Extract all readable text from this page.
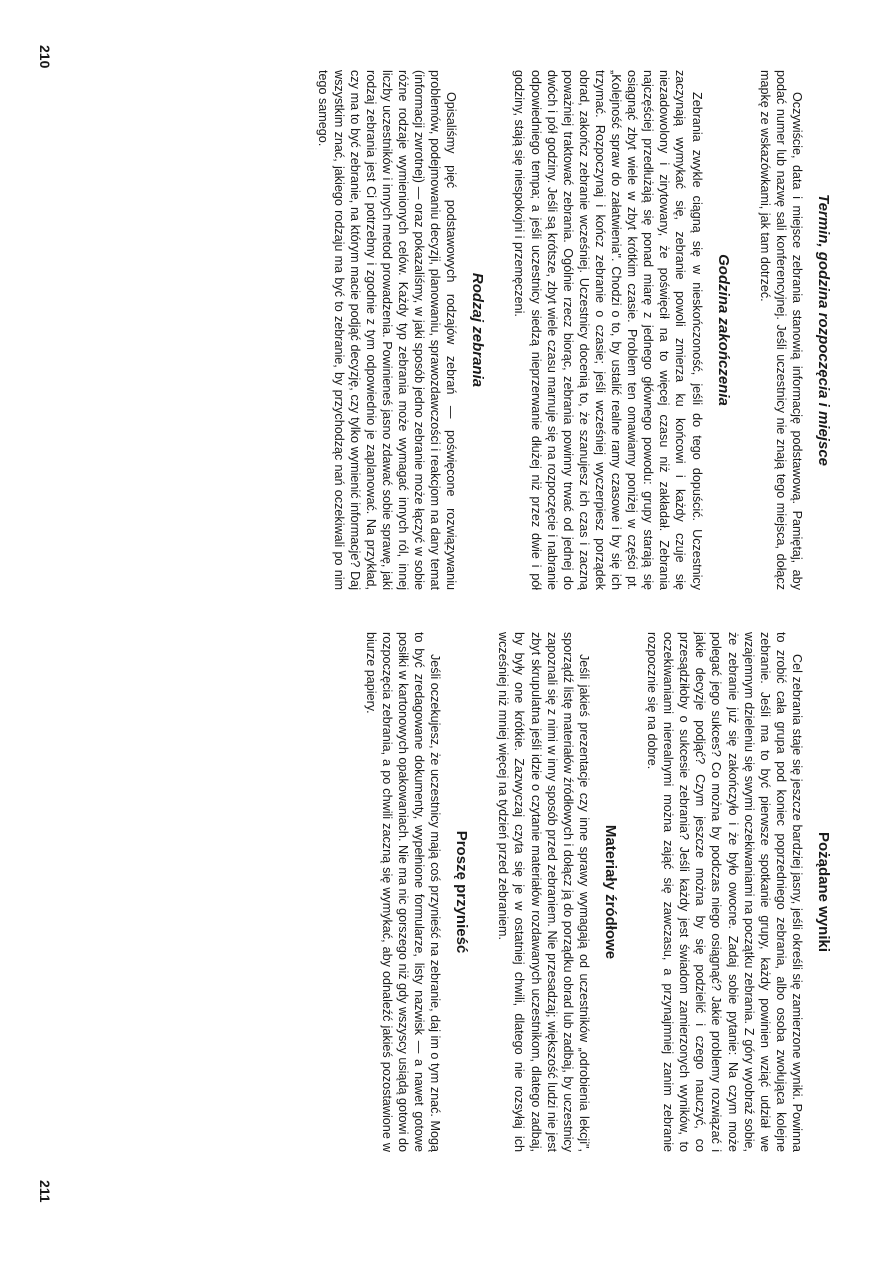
Termin, godzina rozpoczęcia i miejsce

Oczywiście, data i miejsce zebrania stanowią informację podstawową. Pamiętaj, aby podać numer lub nazwę sali konferencyjnej. Jeśli uczestnicy nie znają tego miejsca, dołącz mapkę ze wskazówkami, jak tam dotrzeć.

Godzina zakończenia

Zebrania zwykle ciągną się w nieskończoność, jeśli do tego dopuścić. Uczestnicy zaczynają wymykać się, zebranie powoli zmierza ku końcowi i każdy czuje się niezadowolony i zirytowany, że poświęcił na to więcej czasu niż zakładał. Zebrania najczęściej przedłużają się ponad miarę z jednego głównego powodu: grupy starają się osiągnąć zbyt wiele w zbyt krótkim czasie. Problem ten omawiamy poniżej w części pt. „Kolejność spraw do załatwienia". Chodzi o to, by ustalić realne ramy czasowe i by się ich trzymać. Rozpoczynaj i kończ zebranie o czasie; jeśli wcześniej wyczerpiesz porządek obrad, zakończ zebranie wcześniej. Uczestnicy docenią to, że szanujesz ich czas i zaczną poważniej traktować zebrania. Ogólnie rzecz biorąc, zebrania powinny trwać od jednej do dwóch i pół godziny. Jeśli są krótsze, zbyt wiele czasu marnuje się na rozpoczęcie i nabranie odpowiedniego tempa; a jeśli uczestnicy siedzą nieprzerwanie dłużej niż przez dwie i pół godziny, stają się niespokojni i przemęczeni.

Rodzaj zebrania

Opisaliśmy pięć podstawowych rodzajów zebrań — poświęcone rozwiązywaniu problemów, podejmowaniu decyzji, planowaniu, sprawozdawczości i reakcjom na dany temat (informacji zwrotnej) — oraz pokazaliśmy, w jaki sposób jedno zebranie może łączyć w sobie różne rodzaje wymienionych celów. Każdy typ zebrania może wymagać innych ról, innej liczby uczestników i innych metod prowadzenia. Powinieneś jasno zdawać sobie sprawę, jaki rodzaj zebrania jest Ci potrzebny i zgodnie z tym odpowiednio je zaplanować. Na przykład, czy ma to być zebranie, na którym macie podjąć decyzję, czy tylko wymienić informacje? Daj wszystkim znać, jakiego rodzaju ma być to zebranie, by przychodząc nań oczekiwali po nim tego samego.

Pożądane wyniki

Cel zebrania staje się jeszcze bardziej jasny, jeśli określi się zamierzone wyniki. Powinna to zrobić cała grupa pod koniec poprzedniego zebrania, albo osoba zwołująca kolejne zebranie. Jeśli ma to być pierwsze spotkanie grupy, każdy powinien wziąć udział we wzajemnym dzieleniu się swymi oczekiwaniami na początku zebrania. Z góry wyobraź sobie, że zebranie już się zakończyło i że było owocne. Zadaj sobie pytanie: Na czym może polegać jego sukces? Co można by podczas niego osiągnąć? Jakie problemy rozwiązać i jakie decyzje podjąć? Czym jeszcze można by się podzielić i czego nauczyć, co przesądziłoby o sukcesie zebrania? Jeśli każdy jest świadom zamierzonych wyników, to oczekiwaniami nierealnymi można zająć się zawczasu, a przynajmniej zanim zebranie rozpocznie się na dobre.

Materiały źródłowe

Jeśli jakieś prezentacje czy inne sprawy wymagają od uczestników „odrobienia lekcji", sporządź listę materiałów źródłowych i dołącz ją do porządku obrad lub zadbaj, by uczestnicy zapoznali się z nimi w inny sposób przed zebraniem. Nie przesadzaj; większość ludzi nie jest zbyt skrupulatna jeśli idzie o czytanie materiałów rozdawanych uczestnikom, dlatego zadbaj, by były one krótkie. Zazwyczaj czyta się je w ostatniej chwili, dlatego nie rozsyłaj ich wcześniej niż mniej więcej na tydzień przed zebraniem.

Proszę przynieść

Jeśli oczekujesz, że uczestnicy mają coś przynieść na zebranie, daj im o tym znać. Mogą to być zredagowane dokumenty, wypełnione formularze, listy nazwisk — a nawet gotowe posiłki w kartonowych opakowaniach. Nie ma nic gorszego niż gdy wszyscy usiądą gotowi do rozpoczęcia zebrania, a po chwili zaczną się wymykać, aby odnaleźć jakieś pozostawione w biurze papiery.

210
211
